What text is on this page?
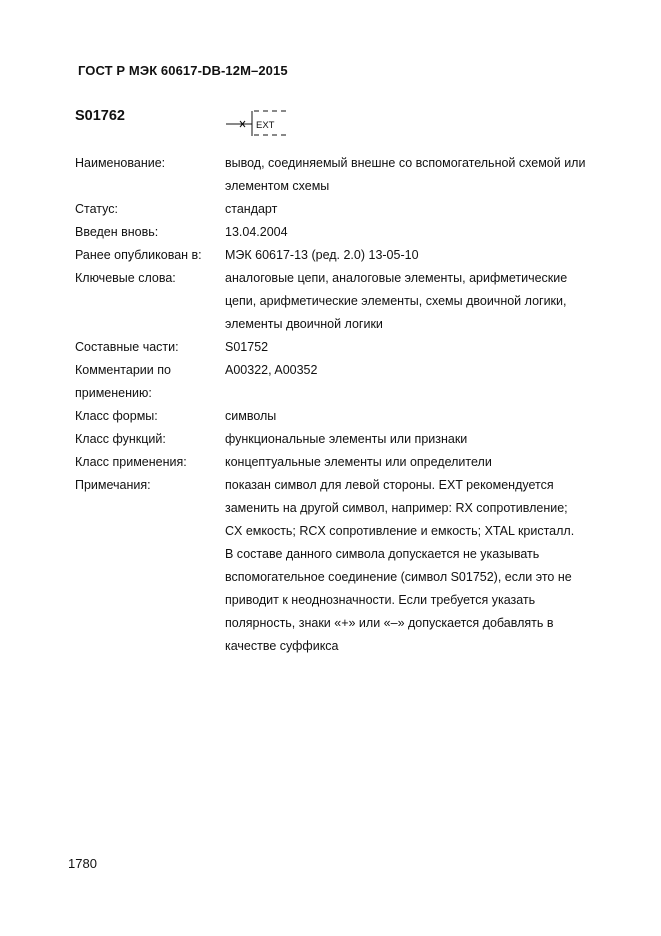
ГОСТ Р МЭК 60617-DB-12M–2015
S01762
EXT
Наименование:	вывод, соединяемый внешне со вспомогательной схемой или
элементом схемы
Статус:	стандарт
Введен вновь:	13.04.2004
Ранее опубликован в:	МЭК 60617-13 (ред. 2.0) 13-05-10
Ключевые слова:	аналоговые цепи, аналоговые элементы, арифметические
цепи, арифметические элементы, схемы двоичной логики,
элементы двоичной логики
Составные части:	S01752
Комментарии по
применению:
A00322, A00352
Класс формы:	символы
Класс функций:	функциональные элементы или признаки
Класс применения:	концептуальные элементы или определители
Примечания:	показан символ для левой стороны. EXT рекомендуется
заменить на другой символ, например: RX сопротивление;
CX емкость; RCX сопротивление и емкость; XTAL кристалл.
В составе данного символа допускается не указывать
вспомогательное соединение (символ S01752), если это не
приводит к неоднозначности. Если требуется указать
полярность, знаки «+» или «–» допускается добавлять в
качестве суффикса
1780
